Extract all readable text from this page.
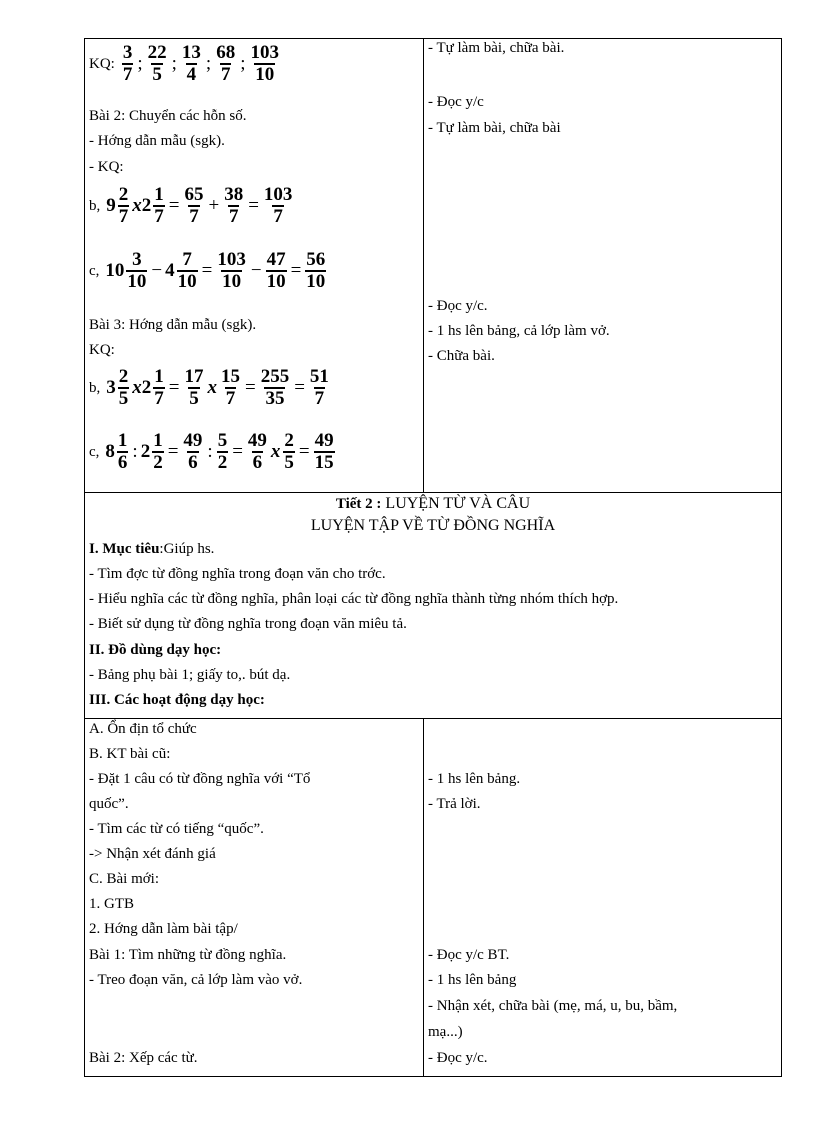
KQ: $\frac{3}{7}$ ; $\frac{22}{5}$ ; $\frac{13}{4}$ ; $\frac{68}{7}$ ; $\frac{103}{10}$
Bài 2: Chuyển các hỗn số.
- Hớng dẫn mẫu (sgk).
- KQ:
b, $9 \frac{2}{7}$ x $2 \frac{1}{7} = \frac{65}{7} + \frac{38}{7} = \frac{103}{7}$
c, $10 \frac{3}{10} - 4 \frac{7}{10} = \frac{103}{10} - \frac{47}{10} = \frac{56}{10}$
Bài 3: Hớng dẫn mẫu (sgk).
KQ:
b, $3 \frac{2}{5}$ x $2 \frac{1}{7} = \frac{17}{5}$ x $\frac{15}{7} = \frac{255}{35} = \frac{51}{7}$
c, $8 \frac{1}{6}$ : $2 \frac{1}{2} = \frac{49}{6}$ : $\frac{5}{2} = \frac{49}{6}$ x $\frac{2}{5} = \frac{49}{15}$
- Tự làm bài, chữa bài.
- Đọc y/c
- Tự làm bài, chữa bài
- Đọc y/c.
- 1 hs lên bảng, cả lớp làm vở.
- Chữa bài.
Tiết 2 : LUYỆN TỪ VÀ CÂU
LUYỆN TẬP VỀ TỪ ĐỒNG NGHĨA
I. Mục tiêu:Giúp hs.
- Tìm đợc từ đồng nghĩa trong đoạn văn cho trớc.
- Hiểu nghĩa các từ đồng nghĩa, phân loại các từ đồng nghĩa thành từng nhóm thích hợp.
- Biết sử dụng từ đồng nghĩa trong đoạn văn miêu tả.
II. Đồ dùng dạy học:
- Bảng phụ bài 1; giấy to,. bút dạ.
III. Các hoạt động dạy học:
A. Ổn địn tổ chức
B. KT bài cũ:
- Đặt 1 câu có từ đồng nghĩa với “Tổ
quốc”.
- Tìm các từ có tiếng “quốc”.
-> Nhận xét đánh giá
C. Bài mới:
1. GTB
2. Hớng dẫn làm bài tập/
Bài 1: Tìm những từ đồng nghĩa.
- Treo đoạn văn, cả lớp làm vào vở.
Bài 2: Xếp các từ.
- 1 hs lên bảng.
- Trả lời.
- Đọc y/c BT.
- 1 hs lên bảng
- Nhận xét, chữa bài (mẹ, má, u, bu, bầm,
mạ...)
- Đọc y/c.
